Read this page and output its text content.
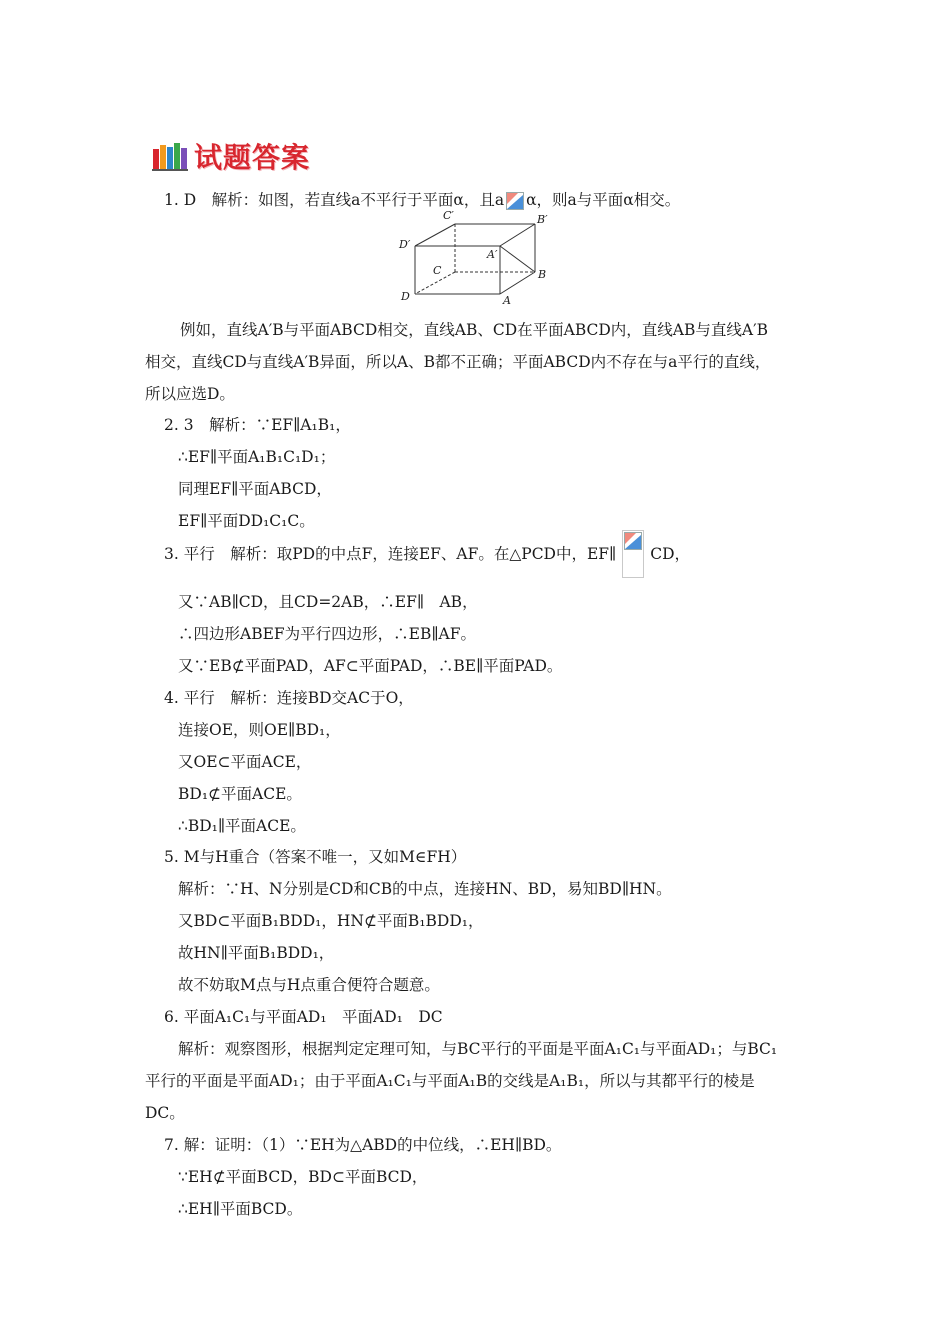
试题答案
1. D　解析：如图，若直线a不平行于平面α，且a α，则a与平面α相交。
C′	B′
D′
A′
C	B
D	A
例如，直线A′B与平面ABCD相交，直线AB、CD在平面ABCD内，直线AB与直线A′B
相交，直线CD与直线A′B异面，所以A、B都不正确；平面ABCD内不存在与a平行的直线，
所以应选D。
2. 3　解析：∵EF∥A₁B₁，
∴EF∥平面A₁B₁C₁D₁；
同理EF∥平面ABCD，
EF∥平面DD₁C₁C。
3. 平行　解析：取PD的中点F，连接EF、AF。在△PCD中，EF∥ CD，
又∵AB∥CD，且CD=2AB，∴EF∥　AB，
∴四边形ABEF为平行四边形，∴EB∥AF。
又∵EB⊄平面PAD，AF⊂平面PAD，∴BE∥平面PAD。
4. 平行　解析：连接BD交AC于O，
连接OE，则OE∥BD₁，
又OE⊂平面ACE，
BD₁⊄平面ACE。
∴BD₁∥平面ACE。
5. M与H重合（答案不唯一，又如M∈FH）
解析：∵H、N分别是CD和CB的中点，连接HN、BD，易知BD∥HN。
又BD⊂平面B₁BDD₁，HN⊄平面B₁BDD₁，
故HN∥平面B₁BDD₁，
故不妨取M点与H点重合便符合题意。
6. 平面A₁C₁与平面AD₁　平面AD₁　DC
解析：观察图形，根据判定定理可知，与BC平行的平面是平面A₁C₁与平面AD₁；与BC₁
平行的平面是平面AD₁；由于平面A₁C₁与平面A₁B的交线是A₁B₁，所以与其都平行的棱是
DC。
7. 解：证明：（1）∵EH为△ABD的中位线，∴EH∥BD。
∵EH⊄平面BCD，BD⊂平面BCD，
∴EH∥平面BCD。
